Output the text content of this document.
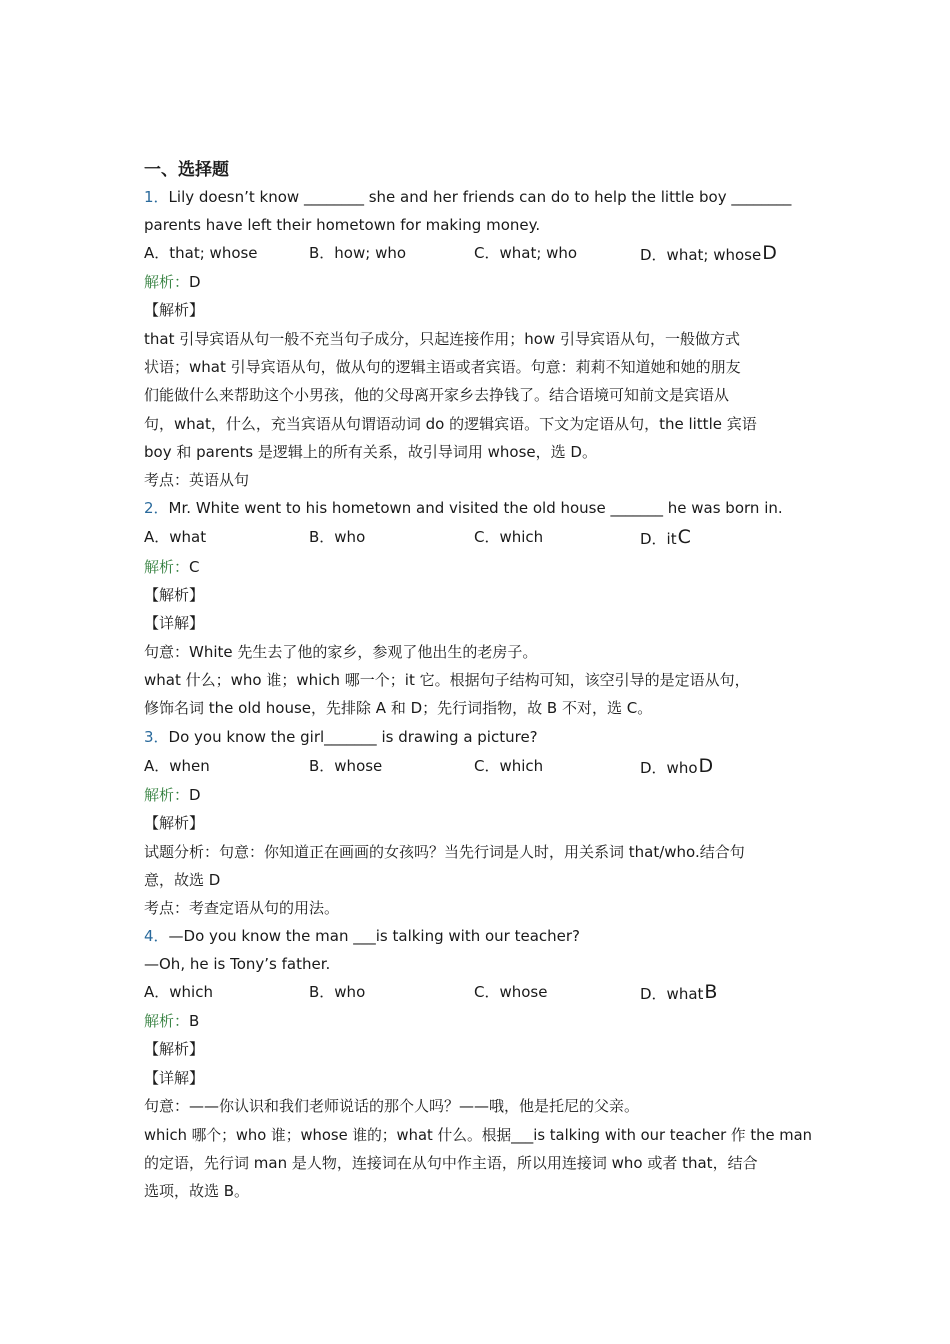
一、选择题
1．Lily doesn’t know ________ she and her friends can do to help the little boy ________
parents have left their hometown for making money.
A．that; whose	B．how; who	C．what; who	D．what; whoseD
解析：D
【解析】
that 引导宾语从句一般不充当句子成分，只起连接作用；how 引导宾语从句，一般做方式
状语；what 引导宾语从句，做从句的逻辑主语或者宾语。句意：莉莉不知道她和她的朋友
们能做什么来帮助这个小男孩，他的父母离开家乡去挣钱了。结合语境可知前文是宾语从
句，what，什么，充当宾语从句谓语动词 do 的逻辑宾语。下文为定语从句，the little 宾语
boy 和 parents 是逻辑上的所有关系，故引导词用 whose，选 D。
考点：英语从句
2．Mr. White went to his hometown and visited the old house _______ he was born in.
A．what	B．who	C．which	D．itC
解析：C
【解析】
【详解】
句意：White 先生去了他的家乡，参观了他出生的老房子。
what 什么；who 谁；which 哪一个；it 它。根据句子结构可知，该空引导的是定语从句，
修饰名词 the old house，先排除 A 和 D；先行词指物，故 B 不对，选 C。
3．Do you know the girl_______ is drawing a picture?
A．when	B．whose	C．which	D．whoD
解析：D
【解析】
试题分析：句意：你知道正在画画的女孩吗？当先行词是人时，用关系词 that/who.结合句
意，故选 D
考点：考查定语从句的用法。
4．—Do you know the man ___is talking with our teacher?
—Oh, he is Tony’s father.
A．which	B．who	C．whose	D．whatB
解析：B
【解析】
【详解】
句意：——你认识和我们老师说话的那个人吗？——哦，他是托尼的父亲。
which 哪个；who 谁；whose 谁的；what 什么。根据___is talking with our teacher 作 the man
的定语，先行词 man 是人物，连接词在从句中作主语，所以用连接词 who 或者 that，结合
选项，故选 B。
